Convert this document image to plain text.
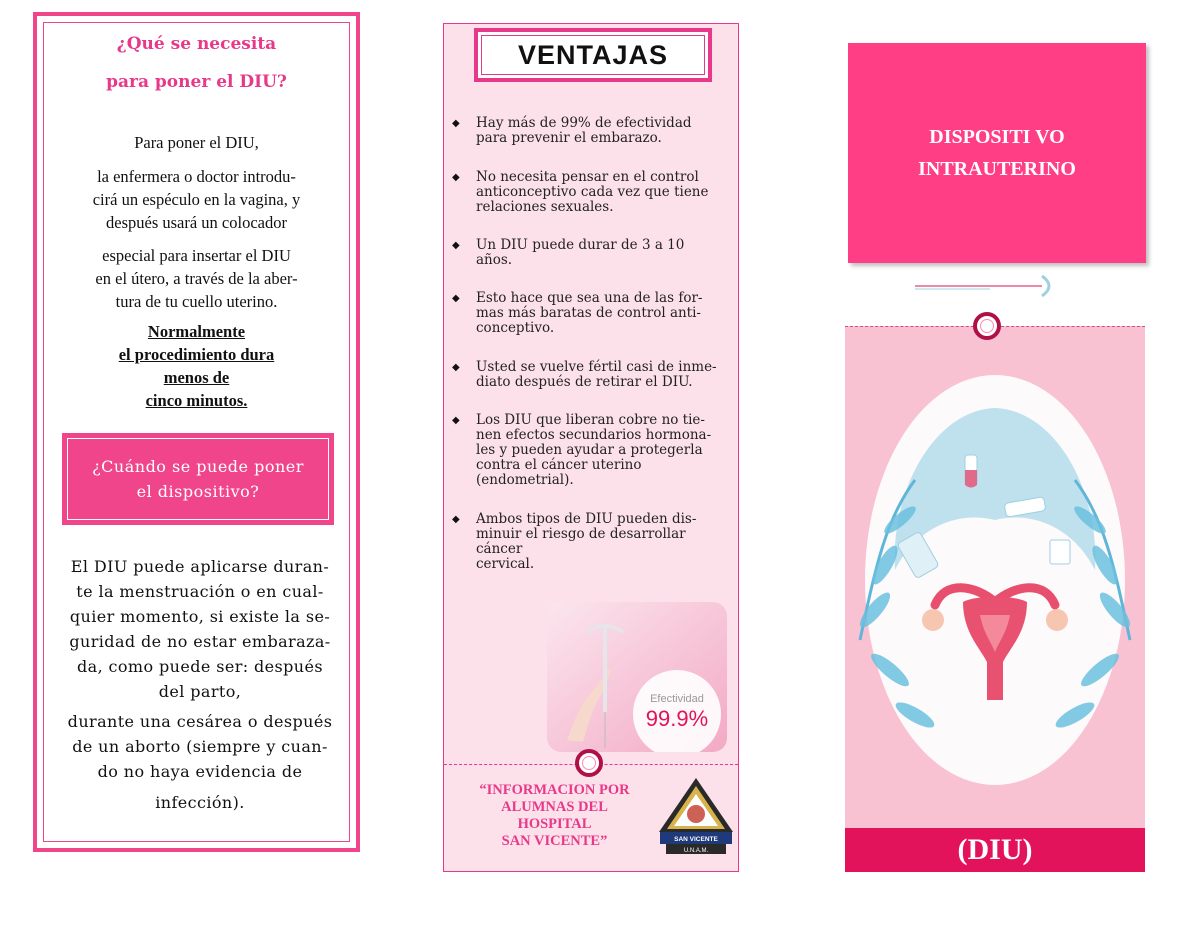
¿Qué se necesita
para poner el DIU?

Para poner el DIU,

la enfermera o doctor introdu-

cirá un espéculo en la vagina, y

después usará un colocador

especial para insertar el DIU

en el útero, a través de la aber-

tura de tu cuello uterino.

Normalmente

el procedimiento dura

menos de

cinco minutos.

¿Cuándo se puede poner
el dispositivo?
El DIU puede aplicarse duran-
te la menstruación o en cual-
quier momento, si existe la se-
guridad de no estar embaraza-
da, como puede ser: después
del parto,
durante una cesárea o después
de un aborto (siempre y cuan-
do no haya evidencia de
infección).
VENTAJAS
◆ Hay más de 99% de efectividad
para prevenir el embarazo.
◆ No necesita pensar en el control
anticonceptivo cada vez que tiene
relaciones sexuales.
◆ Un DIU puede durar de 3 a 10
años.
◆ Esto hace que sea una de las for-
mas más baratas de control anti-
conceptivo.
◆ Usted se vuelve fértil casi de inme-
diato después de retirar el DIU.
◆ Los DIU que liberan cobre no tie-
nen efectos secundarios hormona-
les y pueden ayudar a protegerla
contra el cáncer uterino
(endometrial).
◆ Ambos tipos de DIU pueden dis-
minuir el riesgo de desarrollar
cáncer
cervical.
Efectividad
99.9%
“INFORMACION POR
ALUMNAS DEL
HOSPITAL
SAN VICENTE”	SAN VICENTE
U.N.A.M.
DISPOSITI VO
INTRAUTERINO
(DIU)
